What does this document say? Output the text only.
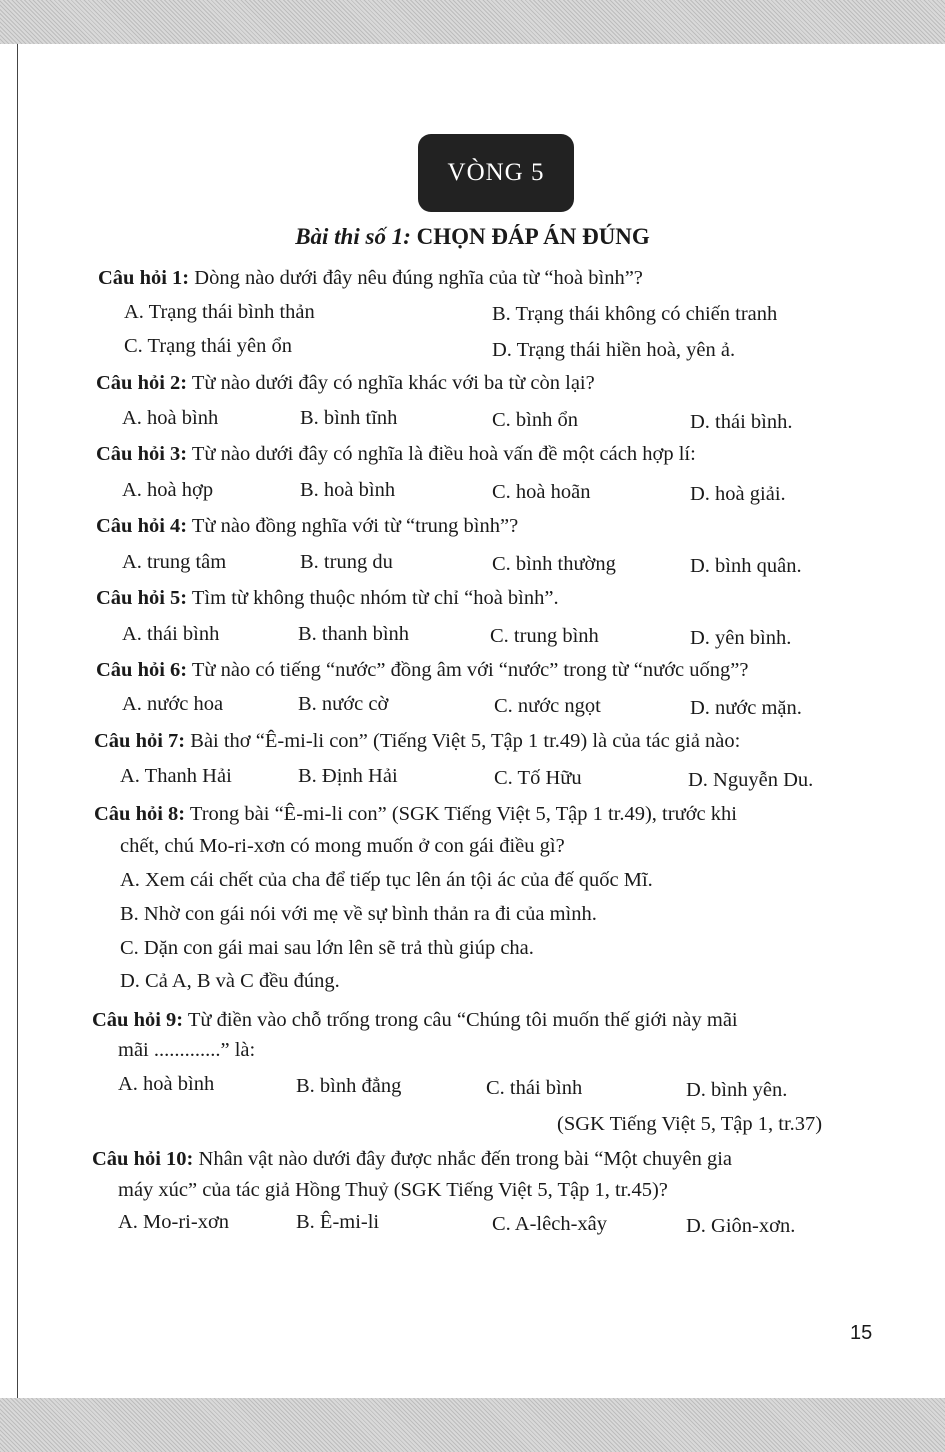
VÒNG 5
Bài thi số 1: CHỌN ĐÁP ÁN ĐÚNG
Câu hỏi 1: Dòng nào dưới đây nêu đúng nghĩa của từ “hoà bình”?
A. Trạng thái bình thản	B. Trạng thái không có chiến tranh
C. Trạng thái yên ổn	D. Trạng thái hiền hoà, yên ả.
Câu hỏi 2: Từ nào dưới đây có nghĩa khác với ba từ còn lại?
A. hoà bình	B. bình tĩnh	C. bình ổn	D. thái bình.
Câu hỏi 3: Từ nào dưới đây có nghĩa là điều hoà vấn đề một cách hợp lí:
A. hoà hợp	B. hoà bình	C. hoà hoãn	D. hoà giải.
Câu hỏi 4: Từ nào đồng nghĩa với từ “trung bình”?
A. trung tâm	B. trung du	C. bình thường	D. bình quân.
Câu hỏi 5: Tìm từ không thuộc nhóm từ chỉ “hoà bình”.
A. thái bình	B. thanh bình	C. trung bình	D. yên bình.
Câu hỏi 6: Từ nào có tiếng “nước” đồng âm với “nước” trong từ “nước uống”?
A. nước hoa	B. nước cờ	C. nước ngọt	D. nước mặn.
Câu hỏi 7: Bài thơ “Ê-mi-li con” (Tiếng Việt 5, Tập 1 tr.49) là của tác giả nào:
A. Thanh Hải	B. Định Hải	C. Tố Hữu	D. Nguyễn Du.
Câu hỏi 8: Trong bài “Ê-mi-li con” (SGK Tiếng Việt 5, Tập 1 tr.49), trước khi
chết, chú Mo-ri-xơn có mong muốn ở con gái điều gì?
A. Xem cái chết của cha để tiếp tục lên án tội ác của đế quốc Mĩ.
B. Nhờ con gái nói với mẹ về sự bình thản ra đi của mình.
C. Dặn con gái mai sau lớn lên sẽ trả thù giúp cha.
D. Cả A, B và C đều đúng.
Câu hỏi 9: Từ điền vào chỗ trống trong câu “Chúng tôi muốn thế giới này mãi
mãi .............” là:
A. hoà bình	B. bình đẳng	C. thái bình	D. bình yên.
(SGK Tiếng Việt 5, Tập 1, tr.37)
Câu hỏi 10: Nhân vật nào dưới đây được nhắc đến trong bài “Một chuyên gia
máy xúc” của tác giả Hồng Thuỷ (SGK Tiếng Việt 5, Tập 1, tr.45)?
A. Mo-ri-xơn	B. Ê-mi-li	C. A-lêch-xây	D. Giôn-xơn.
15
